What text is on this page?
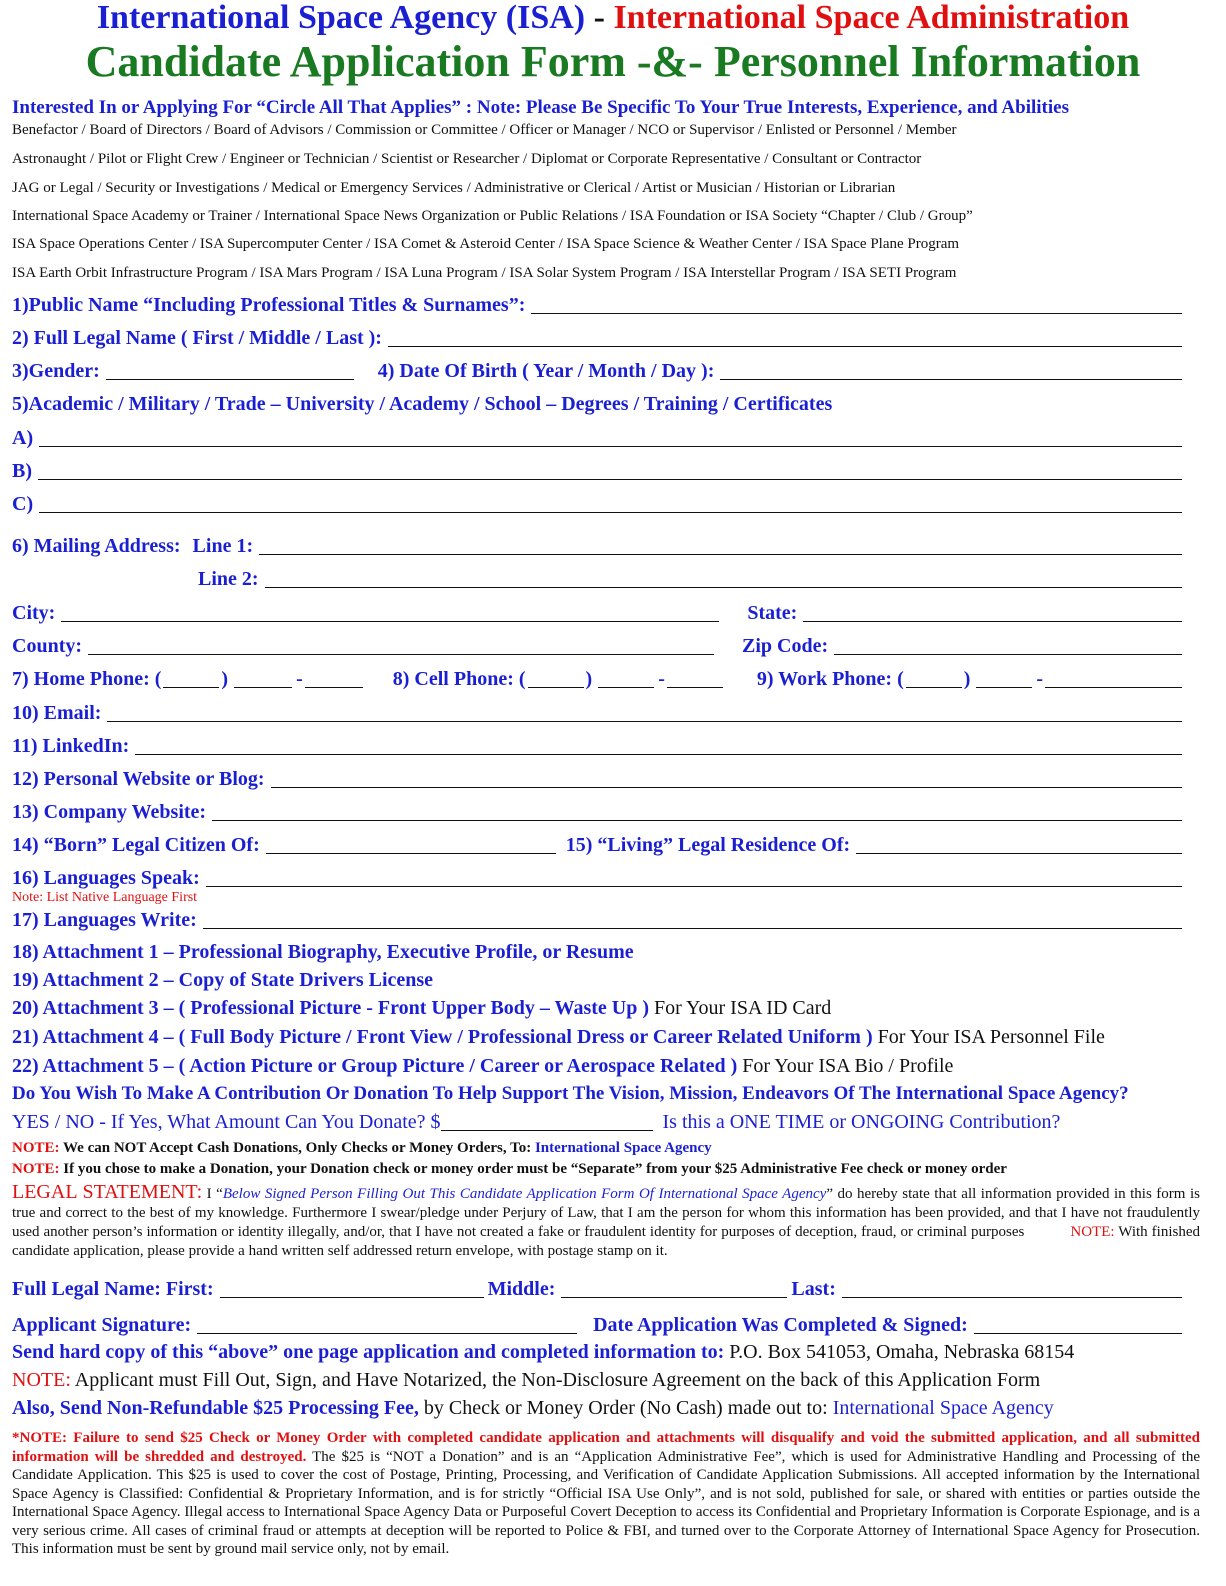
International Space Agency (ISA) - International Space Administration
Candidate Application Form -&- Personnel Information
Interested In or Applying For “Circle All That Applies” : Note: Please Be Specific To Your True Interests, Experience, and Abilities
Benefactor / Board of Directors / Board of Advisors / Commission or Committee / Officer or Manager / NCO or Supervisor / Enlisted or Personnel / Member
Astronaught / Pilot or Flight Crew / Engineer or Technician / Scientist or Researcher / Diplomat or Corporate Representative / Consultant or Contractor
JAG or Legal / Security or Investigations / Medical or Emergency Services / Administrative or Clerical / Artist or Musician / Historian or Librarian
International Space Academy or Trainer / International Space News Organization or Public Relations / ISA Foundation or ISA Society “Chapter / Club / Group”
ISA Space Operations Center / ISA Supercomputer Center / ISA Comet & Asteroid Center / ISA Space Science & Weather Center / ISA Space Plane Program
ISA Earth Orbit Infrastructure Program / ISA Mars Program / ISA Luna Program / ISA Solar System Program / ISA Interstellar Program / ISA SETI Program
1)Public Name “Including Professional Titles & Surnames”:
2) Full Legal Name ( First / Middle / Last ):
3)Gender:	4) Date Of Birth ( Year / Month / Day ):
5)Academic / Military / Trade – University / Academy / School – Degrees / Training / Certificates
A)
B)
C)
6) Mailing Address: Line 1:
Line 2:
City:	State:
County:	Zip Code:
7) Home Phone: (	)	-	8) Cell Phone: (	)	-	9) Work Phone: (	)	-
10) Email:
11) LinkedIn:
12) Personal Website or Blog:
13) Company Website:
14) “Born” Legal Citizen Of:	15) “Living” Legal Residence Of:
16) Languages Speak:
Note: List Native Language First
17) Languages Write:
18) Attachment 1 – Professional Biography, Executive Profile, or Resume
19) Attachment 2 – Copy of State Drivers License
20) Attachment 3 – ( Professional Picture - Front Upper Body – Waste Up ) For Your ISA ID Card
21) Attachment 4 – ( Full Body Picture / Front View / Professional Dress or Career Related Uniform ) For Your ISA Personnel File
22) Attachment 5 – ( Action Picture or Group Picture / Career or Aerospace Related ) For Your ISA Bio / Profile
Do You Wish To Make A Contribution Or Donation To Help Support The Vision, Mission, Endeavors Of The International Space Agency?
YES / NO - If Yes, What Amount Can You Donate? $	Is this a ONE TIME or ONGOING Contribution?
NOTE: We can NOT Accept Cash Donations, Only Checks or Money Orders, To: International Space Agency
NOTE: If you chose to make a Donation, your Donation check or money order must be “Separate” from your $25 Administrative Fee check or money order
LEGAL STATEMENT: I “Below Signed Person Filling Out This Candidate Application Form Of International Space Agency” do hereby state that all information provided in this form is true and correct to the best of my knowledge. Furthermore I swear/pledge under Perjury of Law, that I am the person for whom this information has been provided, and that I have not fraudulently used another person’s information or identity illegally, and/or, that I have not created a fake or fraudulent identity for purposes of deception, fraud, or criminal purposes	NOTE: With finished candidate application, please provide a hand written self addressed return envelope, with postage stamp on it.
Full Legal Name: First:	Middle:	Last:
Applicant Signature:	Date Application Was Completed & Signed:
Send hard copy of this “above” one page application and completed information to: P.O. Box 541053, Omaha, Nebraska 68154
NOTE: Applicant must Fill Out, Sign, and Have Notarized, the Non-Disclosure Agreement on the back of this Application Form
Also, Send Non-Refundable $25 Processing Fee, by Check or Money Order (No Cash) made out to: International Space Agency
*NOTE: Failure to send $25 Check or Money Order with completed candidate application and attachments will disqualify and void the submitted application, and all submitted information will be shredded and destroyed. The $25 is “NOT a Donation” and is an “Application Administrative Fee”, which is used for Administrative Handling and Processing of the Candidate Application. This $25 is used to cover the cost of Postage, Printing, Processing, and Verification of Candidate Application Submissions. All accepted information by the International Space Agency is Classified: Confidential & Proprietary Information, and is for strictly “Official ISA Use Only”, and is not sold, published for sale, or shared with entities or parties outside the International Space Agency. Illegal access to International Space Agency Data or Purposeful Covert Deception to access its Confidential and Proprietary Information is Corporate Espionage, and is a very serious crime. All cases of criminal fraud or attempts at deception will be reported to Police & FBI, and turned over to the Corporate Attorney of International Space Agency for Prosecution. This information must be sent by ground mail service only, not by email.
